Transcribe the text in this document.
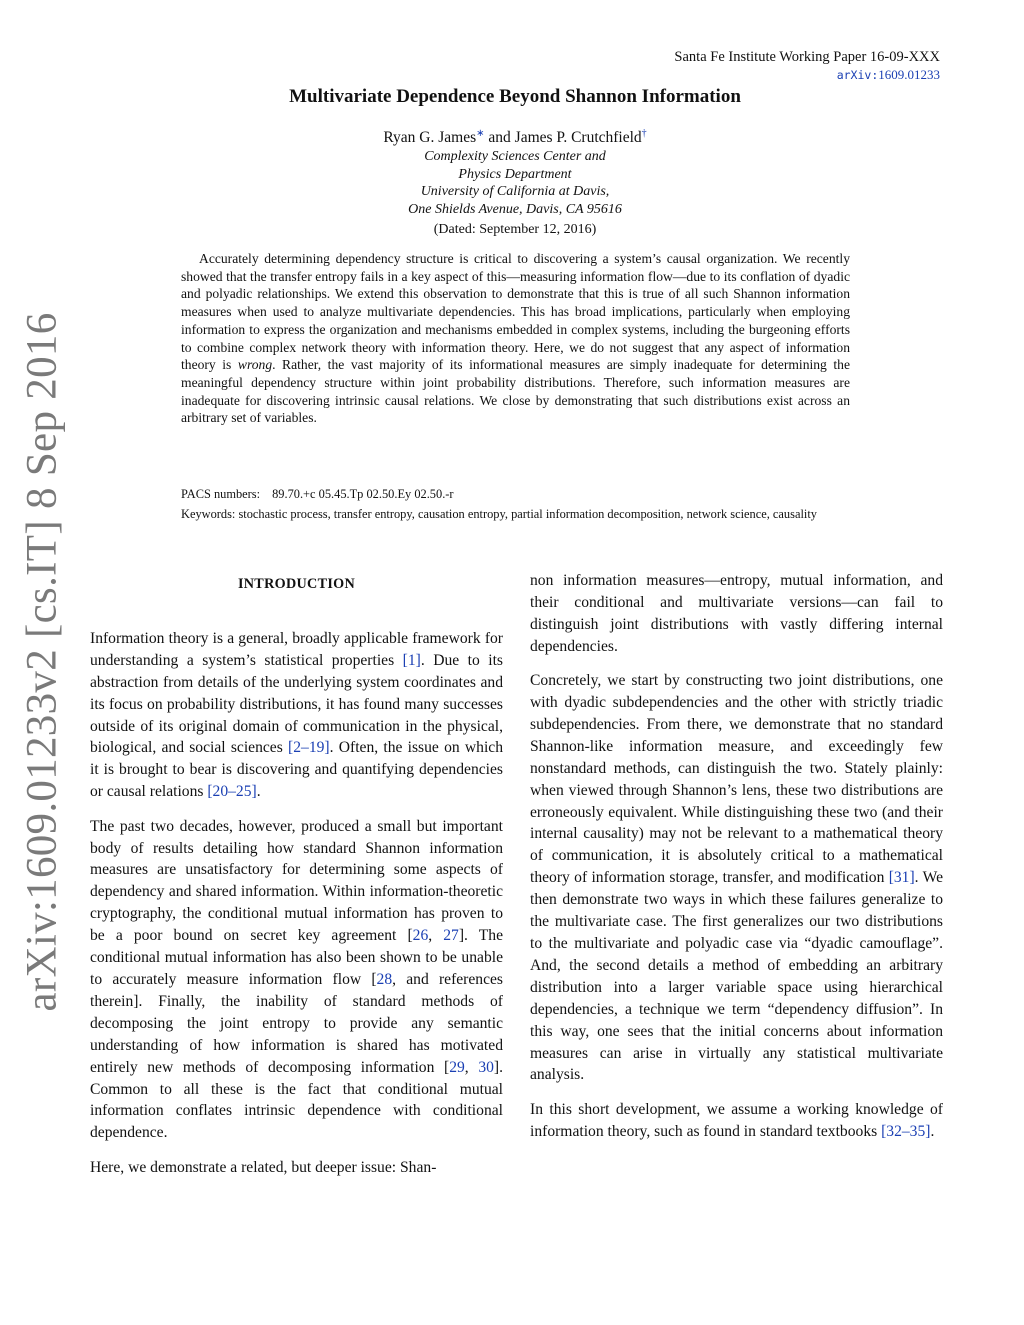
arXiv:1609.01233v2 [cs.IT] 8 Sep 2016
Santa Fe Institute Working Paper 16-09-XXX
arXiv:1609.01233
Multivariate Dependence Beyond Shannon Information
Ryan G. James∗ and James P. Crutchfield†
Complexity Sciences Center and
Physics Department
University of California at Davis,
One Shields Avenue, Davis, CA 95616
(Dated: September 12, 2016)
Accurately determining dependency structure is critical to discovering a system’s causal organization. We recently showed that the transfer entropy fails in a key aspect of this—measuring information flow—due to its conflation of dyadic and polyadic relationships. We extend this observation to demonstrate that this is true of all such Shannon information measures when used to analyze multivariate dependencies. This has broad implications, particularly when employing information to express the organization and mechanisms embedded in complex systems, including the burgeoning efforts to combine complex network theory with information theory. Here, we do not suggest that any aspect of information theory is wrong. Rather, the vast majority of its informational measures are simply inadequate for determining the meaningful dependency structure within joint probability distributions. Therefore, such information measures are inadequate for discovering intrinsic causal relations. We close by demonstrating that such distributions exist across an arbitrary set of variables.
PACS numbers: 89.70.+c 05.45.Tp 02.50.Ey 02.50.-r
Keywords: stochastic process, transfer entropy, causation entropy, partial information decomposition, network science, causality
INTRODUCTION

Information theory is a general, broadly applicable framework for understanding a system’s statistical properties [1]. Due to its abstraction from details of the underlying system coordinates and its focus on probability distributions, it has found many successes outside of its original domain of communication in the physical, biological, and social sciences [2–19]. Often, the issue on which it is brought to bear is discovering and quantifying dependencies or causal relations [20–25].

The past two decades, however, produced a small but important body of results detailing how standard Shannon information measures are unsatisfactory for determining some aspects of dependency and shared information. Within information-theoretic cryptography, the conditional mutual information has proven to be a poor bound on secret key agreement [26, 27]. The conditional mutual information has also been shown to be unable to accurately measure information flow [28, and references therein]. Finally, the inability of standard methods of decomposing the joint entropy to provide any semantic understanding of how information is shared has motivated entirely new methods of decomposing information [29, 30]. Common to all these is the fact that conditional mutual information conflates intrinsic dependence with conditional dependence.

Here, we demonstrate a related, but deeper issue: Shan-

non information measures—entropy, mutual information, and their conditional and multivariate versions—can fail to distinguish joint distributions with vastly differing internal dependencies.

Concretely, we start by constructing two joint distributions, one with dyadic subdependencies and the other with strictly triadic subdependencies. From there, we demonstrate that no standard Shannon-like information measure, and exceedingly few nonstandard methods, can distinguish the two. Stately plainly: when viewed through Shannon’s lens, these two distributions are erroneously equivalent. While distinguishing these two (and their internal causality) may not be relevant to a mathematical theory of communication, it is absolutely critical to a mathematical theory of information storage, transfer, and modification [31]. We then demonstrate two ways in which these failures generalize to the multivariate case. The first generalizes our two distributions to the multivariate and polyadic case via “dyadic camouflage”. And, the second details a method of embedding an arbitrary distribution into a larger variable space using hierarchical dependencies, a technique we term “dependency diffusion”. In this way, one sees that the initial concerns about information measures can arise in virtually any statistical multivariate analysis.

In this short development, we assume a working knowledge of information theory, such as found in standard textbooks [32–35].
